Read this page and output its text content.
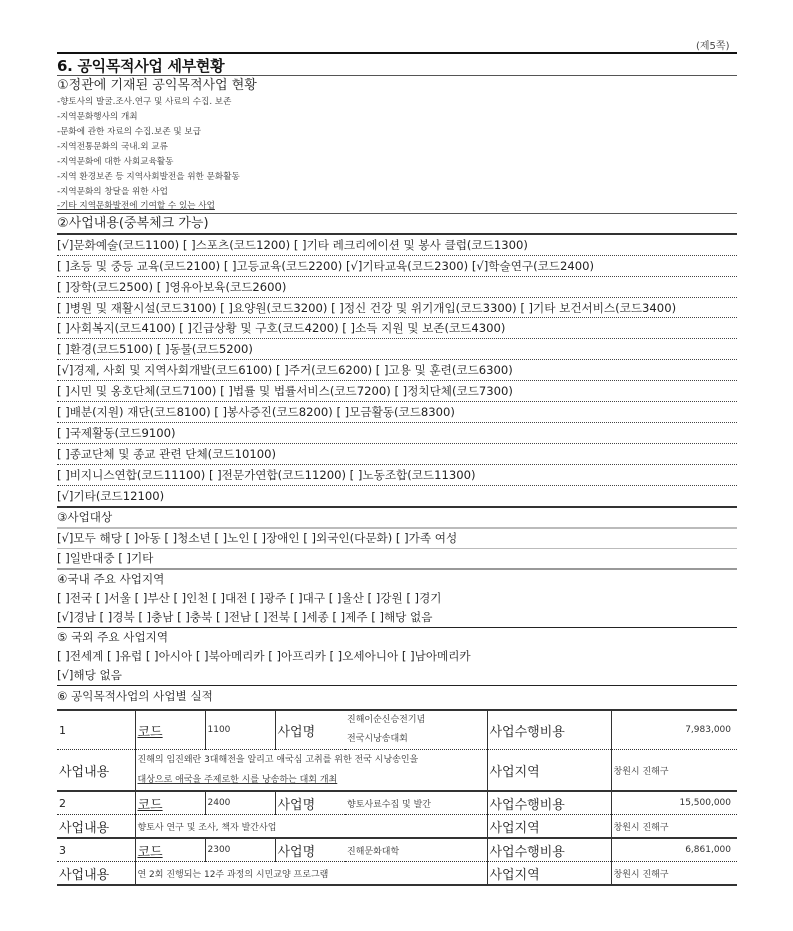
(제5쪽)
6. 공익목적사업 세부현황
①정관에 기재된 공익목적사업 현황
-향토사의 발굴.조사.연구 및 사료의 수집. 보존
-지역문화행사의 개최
-문화에 관한 자료의 수집.보존 및 보급
-지역전통문화의 국내.외 교류
-지역문화에 대한 사회교육활동
-지역 환경보존 등 지역사회발전을 위한 문화활동
-지역문화의 창달을 위한 사업
-기타 지역문화발전에 기여할 수 있는 사업
②사업내용(중복체크 가능)
[√]문화예술(코드1100) [ ]스포츠(코드1200) [ ]기타 레크리에이션 및 봉사 클럽(코드1300)
[ ]초등 및 중등 교육(코드2100) [ ]고등교육(코드2200) [√]기타교육(코드2300) [√]학술연구(코드2400)
[ ]장학(코드2500) [ ]영유아보육(코드2600)
[ ]병원 및 재활시설(코드3100) [ ]요양원(코드3200) [ ]정신 건강 및 위기개입(코드3300) [ ]기타 보건서비스(코드3400)
[ ]사회복지(코드4100) [ ]긴급상황 및 구호(코드4200) [ ]소득 지원 및 보존(코드4300)
[ ]환경(코드5100) [ ]동물(코드5200)
[√]경제, 사회 및 지역사회개발(코드6100) [ ]주거(코드6200) [ ]고용 및 훈련(코드6300)
[ ]시민 및 옹호단체(코드7100) [ ]법률 및 법률서비스(코드7200) [ ]정치단체(코드7300)
[ ]배분(지원) 재단(코드8100) [ ]봉사증진(코드8200) [ ]모금활동(코드8300)
[ ]국제활동(코드9100)
[ ]종교단체 및 종교 관련 단체(코드10100)
[ ]비지니스연합(코드11100) [ ]전문가연합(코드11200) [ ]노동조합(코드11300)
[√]기타(코드12100)
③사업대상
[√]모두 해당 [ ]아동 [ ]청소년 [ ]노인 [ ]장애인 [ ]외국인(다문화) [ ]가족 여성
[ ]일반대중 [ ]기타
④국내 주요 사업지역
[ ]전국 [ ]서울 [ ]부산 [ ]인천 [ ]대전 [ ]광주 [ ]대구 [ ]울산 [ ]강원 [ ]경기
[√]경남 [ ]경북 [ ]충남 [ ]충북 [ ]전남 [ ]전북 [ ]세종 [ ]제주 [ ]해당 없음
⑤ 국외 주요 사업지역
[ ]전세계 [ ]유럽 [ ]아시아 [ ]북아메리카 [ ]아프리카 [ ]오세아니아 [ ]남아메리카
[√]해당 없음
⑥ 공익목적사업의 사업별 실적
1	코드	1100	사업명	진해이순신승전기념
전국시낭송대회	사업수행비용	7,983,000
사업내용	진해의 임진왜란 3대해전을 알리고 애국심 고취를 위한 전국 시낭송인을
대상으로 애국을 주제로한 시를 낭송하는 대회 개최				사업지역	창원시 진해구
2	코드	2400	사업명	향토사료수집 및 발간	사업수행비용	15,500,000
사업내용	향토사 연구 및 조사, 책자 발간사업				사업지역	창원시 진해구
3	코드	2300	사업명	진해문화대학	사업수행비용	6,861,000
사업내용	연 2회 진행되는 12주 과정의 시민교양 프로그램				사업지역	창원시 진해구
